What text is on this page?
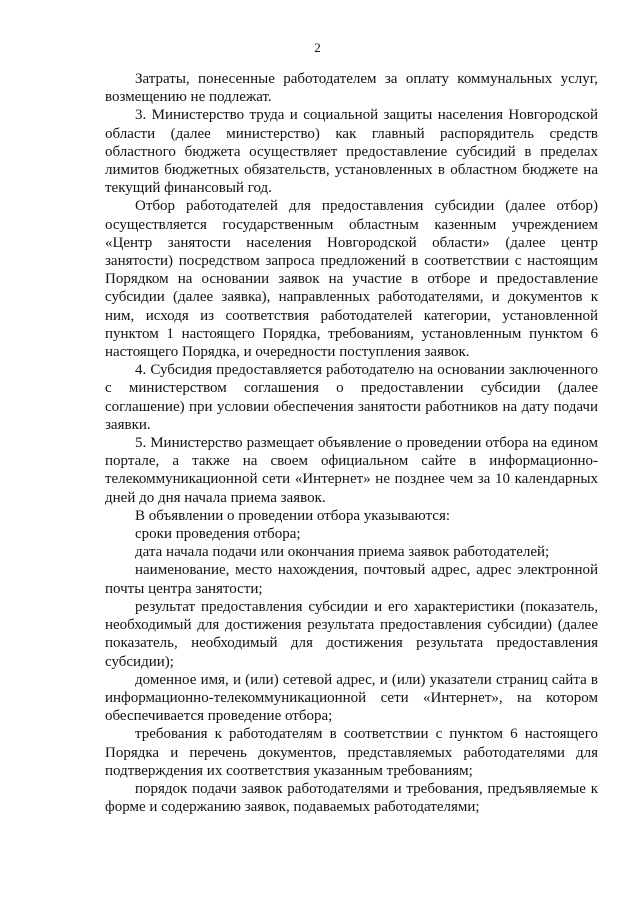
2

Затраты, понесенные работодателем за оплату коммунальных услуг, возмещению не подлежат.

3. Министерство труда и социальной защиты населения Новгородской области (далее министерство) как главный распорядитель средств областного бюджета осуществляет предоставление субсидий в пределах лимитов бюджетных обязательств, установленных в областном бюджете на текущий финансовый год.

Отбор работодателей для предоставления субсидии (далее отбор) осуществляется государственным областным казенным учреждением «Центр занятости населения Новгородской области» (далее центр занятости) посредством запроса предложений в соответствии с настоящим Порядком на основании заявок на участие в отборе и предоставление субсидии (далее заявка), направленных работодателями, и документов к ним, исходя из соответствия работодателей категории, установленной пунктом 1 настоящего Порядка, требованиям, установленным пунктом 6 настоящего Порядка, и очередности поступления заявок.

4. Субсидия предоставляется работодателю на основании заключенного с министерством соглашения о предоставлении субсидии (далее соглашение) при условии обеспечения занятости работников на дату подачи заявки.

5. Министерство размещает объявление о проведении отбора на едином портале, а также на своем официальном сайте в информационно-телекоммуникационной сети «Интернет» не позднее чем за 10 календарных дней до дня начала приема заявок.

В объявлении о проведении отбора указываются:

сроки проведения отбора;

дата начала подачи или окончания приема заявок работодателей;

наименование, место нахождения, почтовый адрес, адрес электронной почты центра занятости;

результат предоставления субсидии и его характеристики (показатель, необходимый для достижения результата предоставления субсидии) (далее показатель, необходимый для достижения результата предоставления субсидии);

доменное имя, и (или) сетевой адрес, и (или) указатели страниц сайта в информационно-телекоммуникационной сети «Интернет», на котором обеспечивается проведение отбора;

требования к работодателям в соответствии с пунктом 6 настоящего Порядка и перечень документов, представляемых работодателями для подтверждения их соответствия указанным требованиям;

порядок подачи заявок работодателями и требования, предъявляемые к форме и содержанию заявок, подаваемых работодателями;
